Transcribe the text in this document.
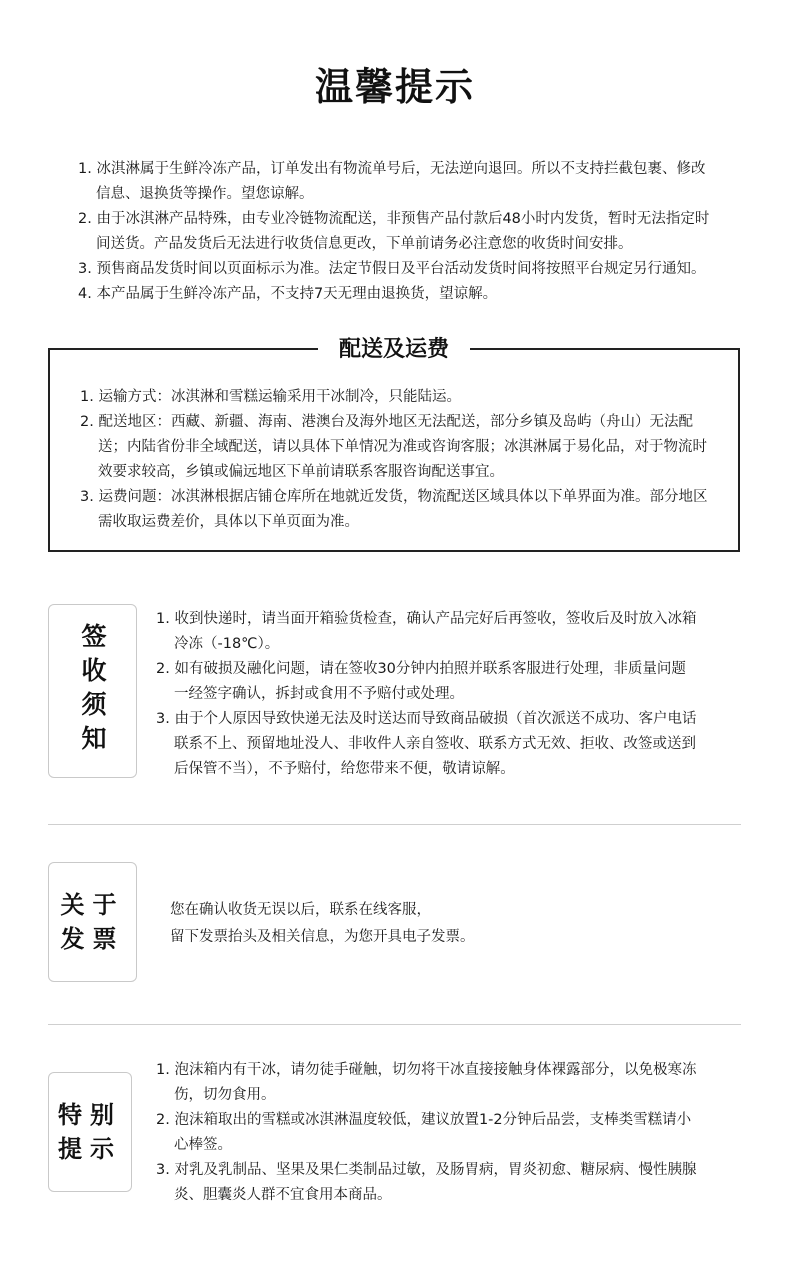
温馨提示
1. 冰淇淋属于生鲜冷冻产品，订单发出有物流单号后，无法逆向退回。所以不支持拦截包裹、修改信息、退换货等操作。望您谅解。
2. 由于冰淇淋产品特殊，由专业冷链物流配送，非预售产品付款后48小时内发货，暂时无法指定时间送货。产品发货后无法进行收货信息更改，下单前请务必注意您的收货时间安排。
3. 预售商品发货时间以页面标示为准。法定节假日及平台活动发货时间将按照平台规定另行通知。
4. 本产品属于生鲜冷冻产品，不支持7天无理由退换货，望谅解。
配送及运费
1. 运输方式：冰淇淋和雪糕运输采用干冰制冷，只能陆运。
2. 配送地区：西藏、新疆、海南、港澳台及海外地区无法配送，部分乡镇及岛屿（舟山）无法配送；内陆省份非全域配送，请以具体下单情况为准或咨询客服；冰淇淋属于易化品，对于物流时效要求较高，乡镇或偏远地区下单前请联系客服咨询配送事宜。
3. 运费问题：冰淇淋根据店铺仓库所在地就近发货，物流配送区域具体以下单界面为准。部分地区需收取运费差价，具体以下单页面为准。
签收须知
1. 收到快递时，请当面开箱验货检查，确认产品完好后再签收，签收后及时放入冰箱冷冻（-18℃）。
2. 如有破损及融化问题，请在签收30分钟内拍照并联系客服进行处理，非质量问题一经签字确认，拆封或食用不予赔付或处理。
3. 由于个人原因导致快递无法及时送达而导致商品破损（首次派送不成功、客户电话联系不上、预留地址没人、非收件人亲自签收、联系方式无效、拒收、改签或送到后保管不当），不予赔付，给您带来不便，敬请谅解。
关于
发票
您在确认收货无误以后，联系在线客服，
留下发票抬头及相关信息，为您开具电子发票。
特别
提示
1. 泡沫箱内有干冰，请勿徒手碰触，切勿将干冰直接接触身体裸露部分，以免极寒冻伤，切勿食用。
2. 泡沫箱取出的雪糕或冰淇淋温度较低，建议放置1-2分钟后品尝，支棒类雪糕请小心棒签。
3. 对乳及乳制品、坚果及果仁类制品过敏，及肠胃病，胃炎初愈、糖尿病、慢性胰腺炎、胆囊炎人群不宜食用本商品。
